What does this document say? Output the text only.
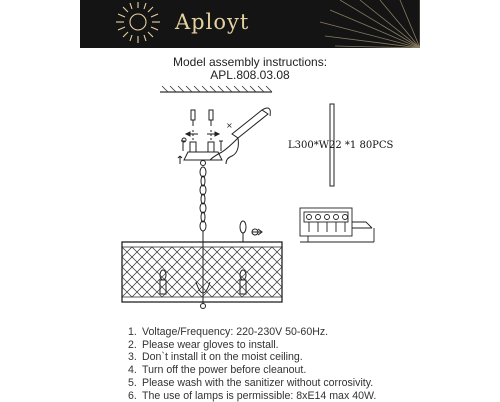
Aployt
Model assembly instructions:
APL.808.03.08
×
L300*W22 *1 80PCS
1. Voltage/Frequency: 220-230V 50-60Hz.
2. Please wear gloves to install.
3. Don`t install it on the moist ceiling.
4. Turn off the power before cleanout.
5. Please wash with the sanitizer without corrosivity.
6. The use of lamps is permissible: 8xE14 max 40W.
